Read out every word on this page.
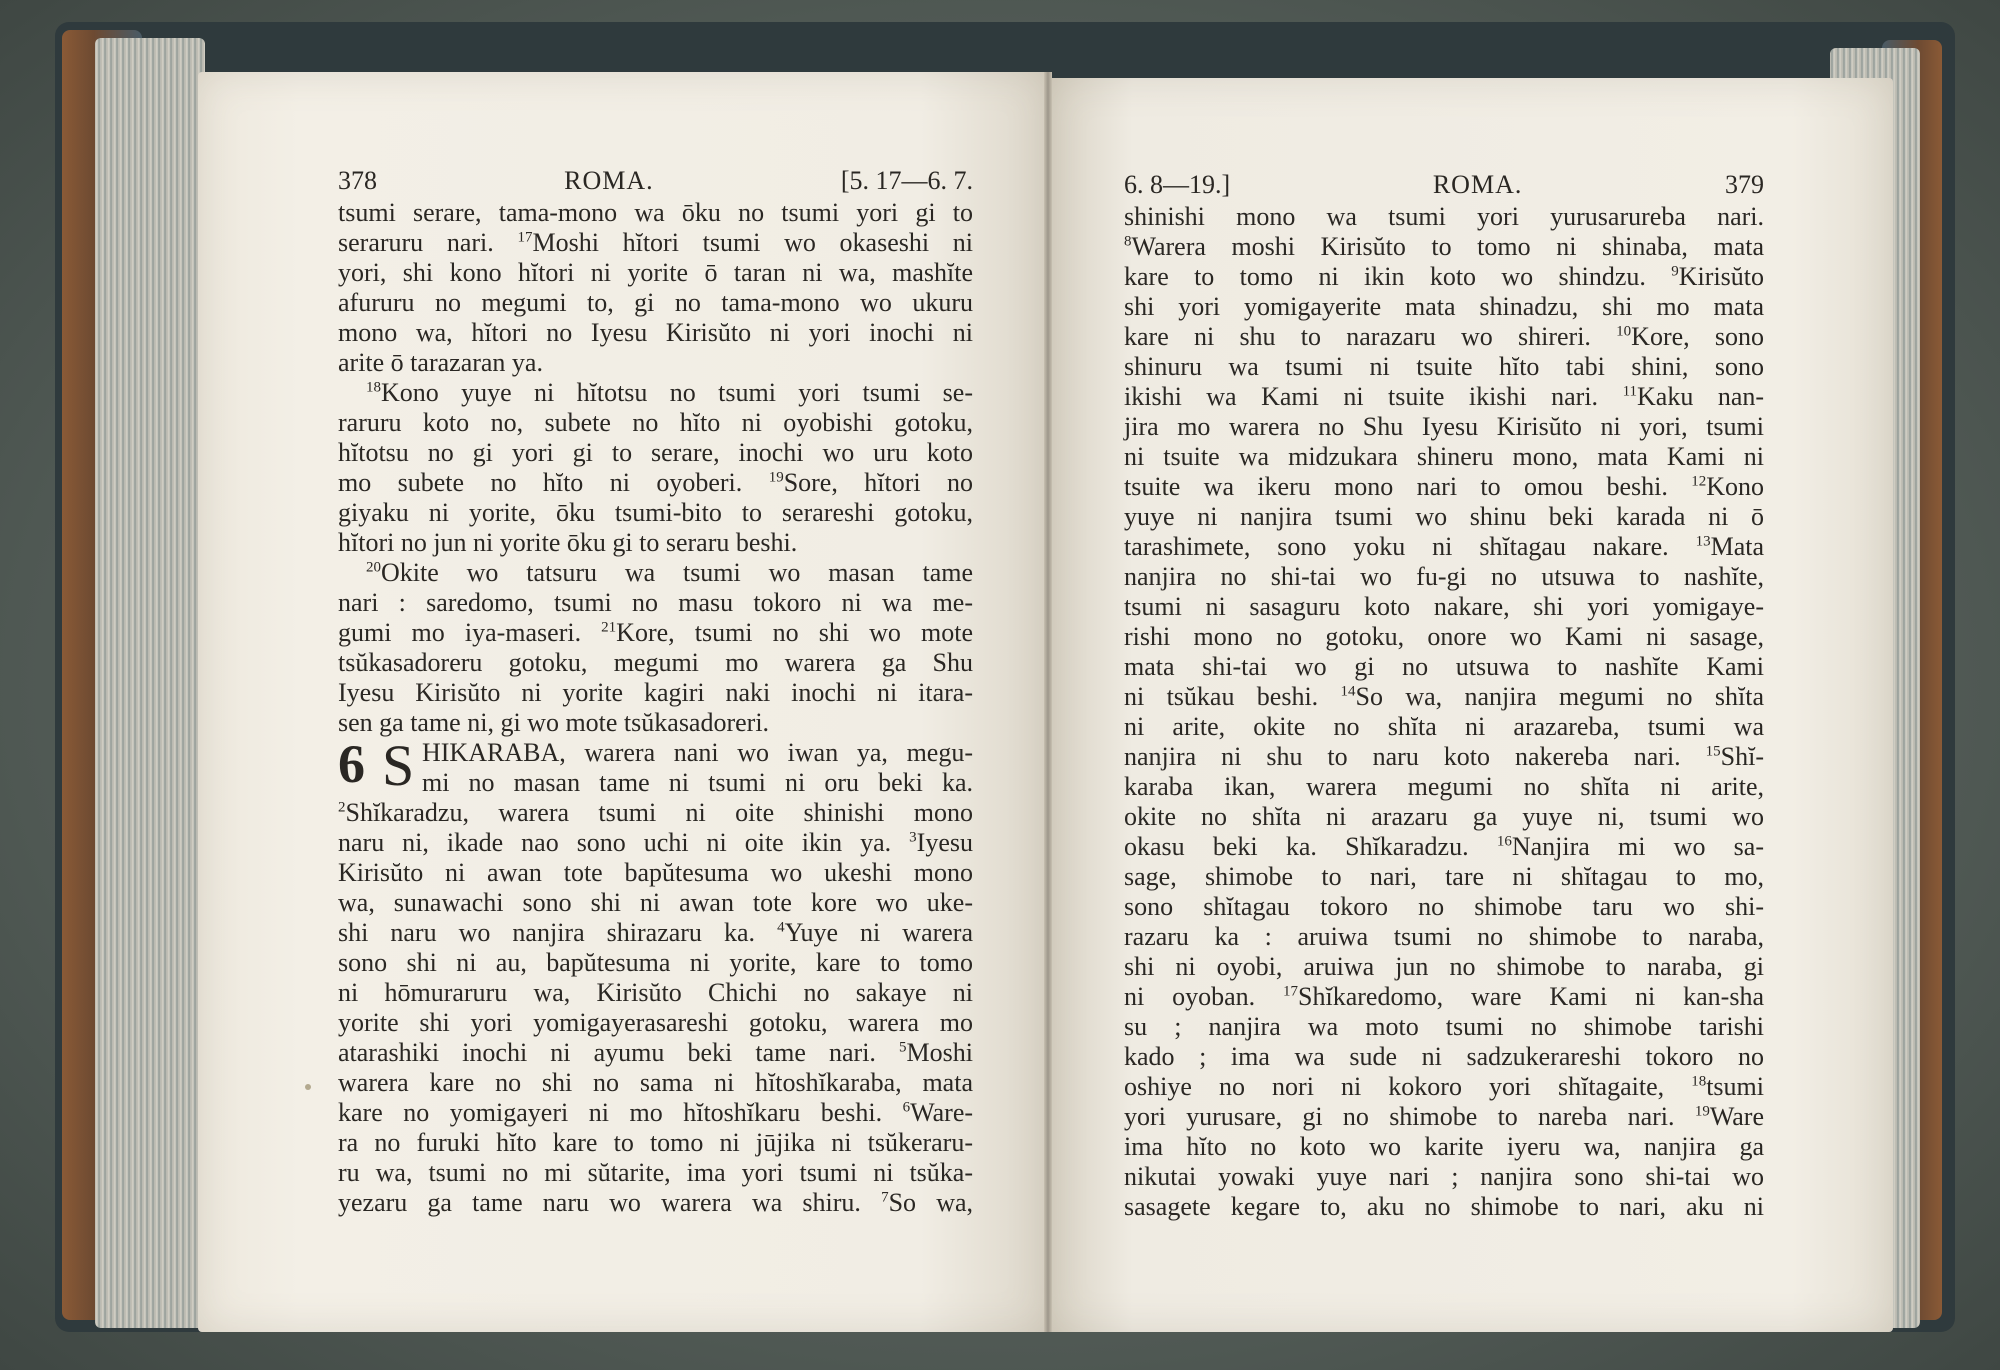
378	ROMA.	[5. 17—6. 7.
tsumi serare, tama-mono wa ōku no tsumi yori gi to
seraruru nari. $^{17}$Moshi hĭtori tsumi wo okaseshi ni
yori, shi kono hĭtori ni yorite ō taran ni wa, mashĭte
afururu no megumi to, gi no tama-mono wo ukuru
mono wa, hĭtori no Iyesu Kirisŭto ni yori inochi ni
arite ō tarazaran ya.
$^{18}$Kono yuye ni hĭtotsu no tsumi yori tsumi se-
raruru koto no, subete no hĭto ni oyobishi gotoku,
hĭtotsu no gi yori gi to serare, inochi wo uru koto
mo subete no hĭto ni oyoberi. $^{19}$Sore, hĭtori no
giyaku ni yorite, ōku tsumi-bito to serareshi gotoku,
hĭtori no jun ni yorite ōku gi to seraru beshi.
$^{20}$Okite wo tatsuru wa tsumi wo masan tame
nari : saredomo, tsumi no masu tokoro ni wa me-
gumi mo iya-maseri. $^{21}$Kore, tsumi no shi wo mote
tsŭkasadoreru gotoku, megumi mo warera ga Shu
Iyesu Kirisŭto ni yorite kagiri naki inochi ni itara-
sen ga tame ni, gi wo mote tsŭkasadoreri.
6 S HIKARABA, warera nani wo iwan ya, megu-
mi no masan tame ni tsumi ni oru beki ka.
$^2$Shĭkaradzu, warera tsumi ni oite shinishi mono
naru ni, ikade nao sono uchi ni oite ikin ya. $^3$Iyesu
Kirisŭto ni awan tote bapŭtesuma wo ukeshi mono
wa, sunawachi sono shi ni awan tote kore wo uke-
shi naru wo nanjira shirazaru ka. $^4$Yuye ni warera
sono shi ni au, bapŭtesuma ni yorite, kare to tomo
ni hōmuraruru wa, Kirisŭto Chichi no sakaye ni
yorite shi yori yomigayerasareshi gotoku, warera mo
atarashiki inochi ni ayumu beki tame nari. $^5$Moshi
warera kare no shi no sama ni hĭtoshĭkaraba, mata
kare no yomigayeri ni mo hĭtoshĭkaru beshi. $^6$Ware-
ra no furuki hĭto kare to tomo ni jūjika ni tsŭkeraru-
ru wa, tsumi no mi sŭtarite, ima yori tsumi ni tsŭka-
yezaru ga tame naru wo warera wa shiru. $^7$So wa,
6. 8—19.]	ROMA.	379
shinishi mono wa tsumi yori yurusarureba nari.
$^8$Warera moshi Kirisŭto to tomo ni shinaba, mata
kare to tomo ni ikin koto wo shindzu. $^9$Kirisŭto
shi yori yomigayerite mata shinadzu, shi mo mata
kare ni shu to narazaru wo shireri. $^{10}$Kore, sono
shinuru wa tsumi ni tsuite hĭto tabi shini, sono
ikishi wa Kami ni tsuite ikishi nari. $^{11}$Kaku nan-
jira mo warera no Shu Iyesu Kirisŭto ni yori, tsumi
ni tsuite wa midzukara shineru mono, mata Kami ni
tsuite wa ikeru mono nari to omou beshi. $^{12}$Kono
yuye ni nanjira tsumi wo shinu beki karada ni ō
tarashimete, sono yoku ni shĭtagau nakare. $^{13}$Mata
nanjira no shi-tai wo fu-gi no utsuwa to nashĭte,
tsumi ni sasaguru koto nakare, shi yori yomigaye-
rishi mono no gotoku, onore wo Kami ni sasage,
mata shi-tai wo gi no utsuwa to nashĭte Kami
ni tsŭkau beshi. $^{14}$So wa, nanjira megumi no shĭta
ni arite, okite no shĭta ni arazareba, tsumi wa
nanjira ni shu to naru koto nakereba nari. $^{15}$Shĭ-
karaba ikan, warera megumi no shĭta ni arite,
okite no shĭta ni arazaru ga yuye ni, tsumi wo
okasu beki ka. Shĭkaradzu. $^{16}$Nanjira mi wo sa-
sage, shimobe to nari, tare ni shĭtagau to mo,
sono shĭtagau tokoro no shimobe taru wo shi-
razaru ka : aruiwa tsumi no shimobe to naraba,
shi ni oyobi, aruiwa jun no shimobe to naraba, gi
ni oyoban. $^{17}$Shĭkaredomo, ware Kami ni kan-sha
su ; nanjira wa moto tsumi no shimobe tarishi
kado ; ima wa sude ni sadzukerareshi tokoro no
oshiye no nori ni kokoro yori shĭtagaite, $^{18}$tsumi
yori yurusare, gi no shimobe to nareba nari. $^{19}$Ware
ima hĭto no koto wo karite iyeru wa, nanjira ga
nikutai yowaki yuye nari ; nanjira sono shi-tai wo
sasagete kegare to, aku no shimobe to nari, aku ni
